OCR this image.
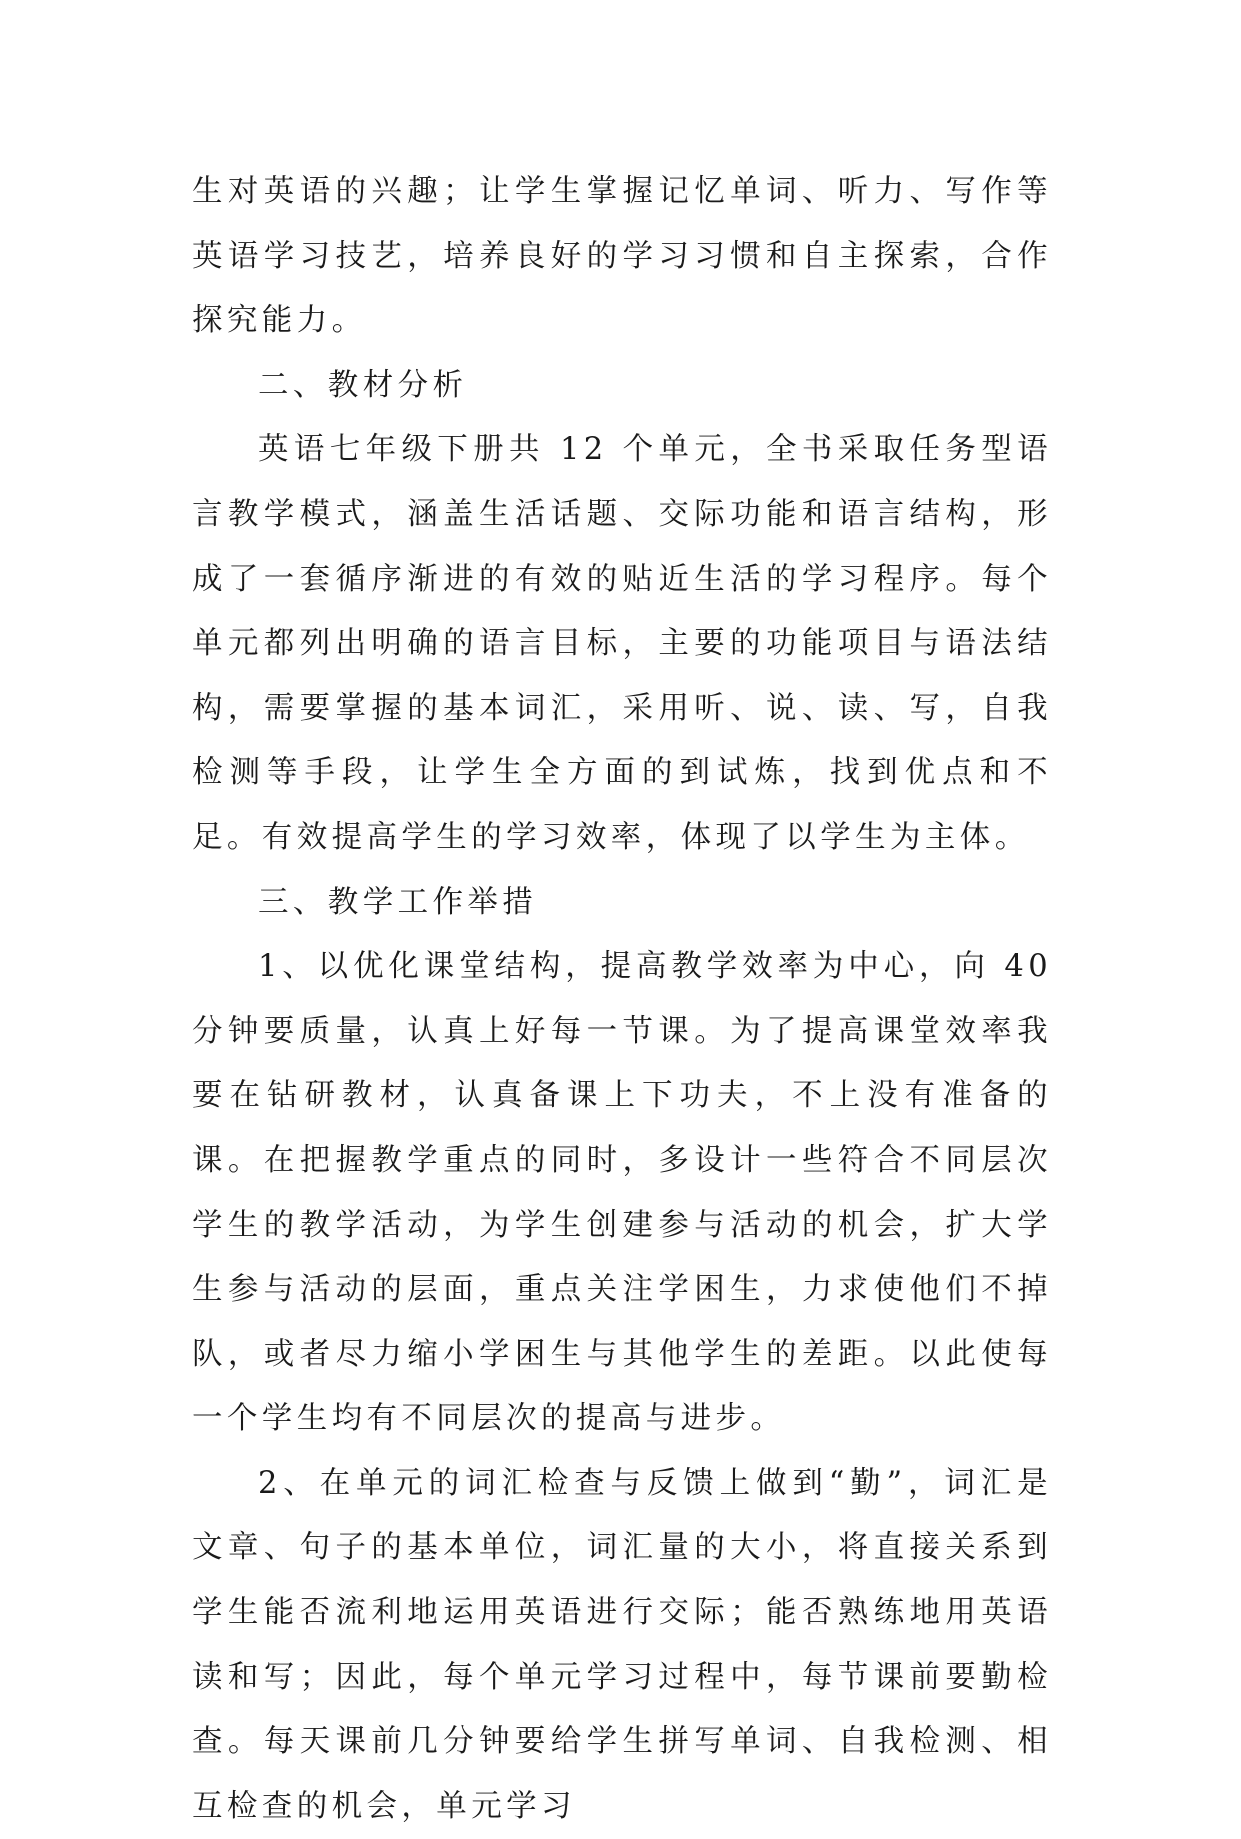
生对英语的兴趣；让学生掌握记忆单词、听力、写作等英语学习技艺，培养良好的学习习惯和自主探索，合作探究能力。

二、教材分析

英语七年级下册共 12 个单元，全书采取任务型语言教学模式，涵盖生活话题、交际功能和语言结构，形成了一套循序渐进的有效的贴近生活的学习程序。每个单元都列出明确的语言目标，主要的功能项目与语法结构，需要掌握的基本词汇，采用听、说、读、写，自我检测等手段，让学生全方面的到试炼，找到优点和不足。有效提高学生的学习效率，体现了以学生为主体。

三、教学工作举措

1、以优化课堂结构，提高教学效率为中心，向 40 分钟要质量，认真上好每一节课。为了提高课堂效率我要在钻研教材，认真备课上下功夫，不上没有准备的课。在把握教学重点的同时，多设计一些符合不同层次学生的教学活动，为学生创建参与活动的机会，扩大学生参与活动的层面，重点关注学困生，力求使他们不掉队，或者尽力缩小学困生与其他学生的差距。以此使每一个学生均有不同层次的提高与进步。

2、在单元的词汇检查与反馈上做到“勤”，词汇是文章、句子的基本单位，词汇量的大小，将直接关系到学生能否流利地运用英语进行交际；能否熟练地用英语读和写；因此，每个单元学习过程中，每节课前要勤检查。每天课前几分钟要给学生拼写单词、自我检测、相互检查的机会，单元学习
